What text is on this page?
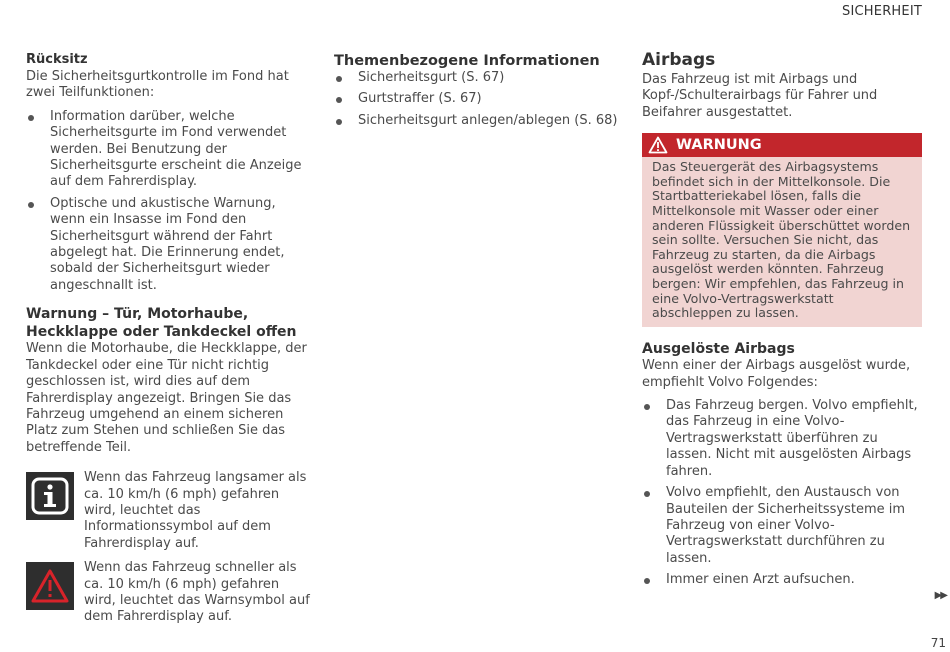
SICHERHEIT
Rücksitz

Die Sicherheitsgurtkontrolle im Fond hat zwei Teilfunktionen:

Information darüber, welche Sicherheitsgurte im Fond verwendet werden. Bei Benutzung der Sicherheitsgurte erscheint die Anzeige auf dem Fahrerdisplay.
Optische und akustische Warnung, wenn ein Insasse im Fond den Sicherheitsgurt während der Fahrt abgelegt hat. Die Erinnerung endet, sobald der Sicherheitsgurt wieder angeschnallt ist.
Warnung – Tür, Motorhaube, Heckklappe oder Tankdeckel offen

Wenn die Motorhaube, die Heckklappe, der Tankdeckel oder eine Tür nicht richtig geschlossen ist, wird dies auf dem Fahrerdisplay angezeigt. Bringen Sie das Fahrzeug umgehend an einem sicheren Platz zum Stehen und schließen Sie das betreffende Teil.

Wenn das Fahrzeug langsamer als ca. 10 km/h (6 mph) gefahren wird, leuchtet das Informationssymbol auf dem Fahrerdisplay auf.

Wenn das Fahrzeug schneller als ca. 10 km/h (6 mph) gefahren wird, leuchtet das Warnsymbol auf dem Fahrerdisplay auf.

Themenbezogene Informationen
Sicherheitsgurt (S. 67)
Gurtstraffer (S. 67)
Sicherheitsgurt anlegen/ablegen (S. 68)
Airbags

Das Fahrzeug ist mit Airbags und Kopf-/Schulterairbags für Fahrer und Beifahrer ausgestattet.

WARNUNG
Das Steuergerät des Airbagsystems befindet sich in der Mittelkonsole. Die Startbatteriekabel lösen, falls die Mittelkonsole mit Wasser oder einer anderen Flüssigkeit überschüttet worden sein sollte. Versuchen Sie nicht, das Fahrzeug zu starten, da die Airbags ausgelöst werden könnten. Fahrzeug bergen: Wir empfehlen, das Fahrzeug in eine Volvo-Vertragswerkstatt abschleppen zu lassen.
Ausgelöste Airbags

Wenn einer der Airbags ausgelöst wurde, empfiehlt Volvo Folgendes:

Das Fahrzeug bergen. Volvo empfiehlt, das Fahrzeug in eine Volvo-Vertragswerkstatt überführen zu lassen. Nicht mit ausgelösten Airbags fahren.
Volvo empfiehlt, den Austausch von Bauteilen der Sicherheitssysteme im Fahrzeug von einer Volvo-Vertragswerkstatt durchführen zu lassen.
Immer einen Arzt aufsuchen.
▶▶
71
